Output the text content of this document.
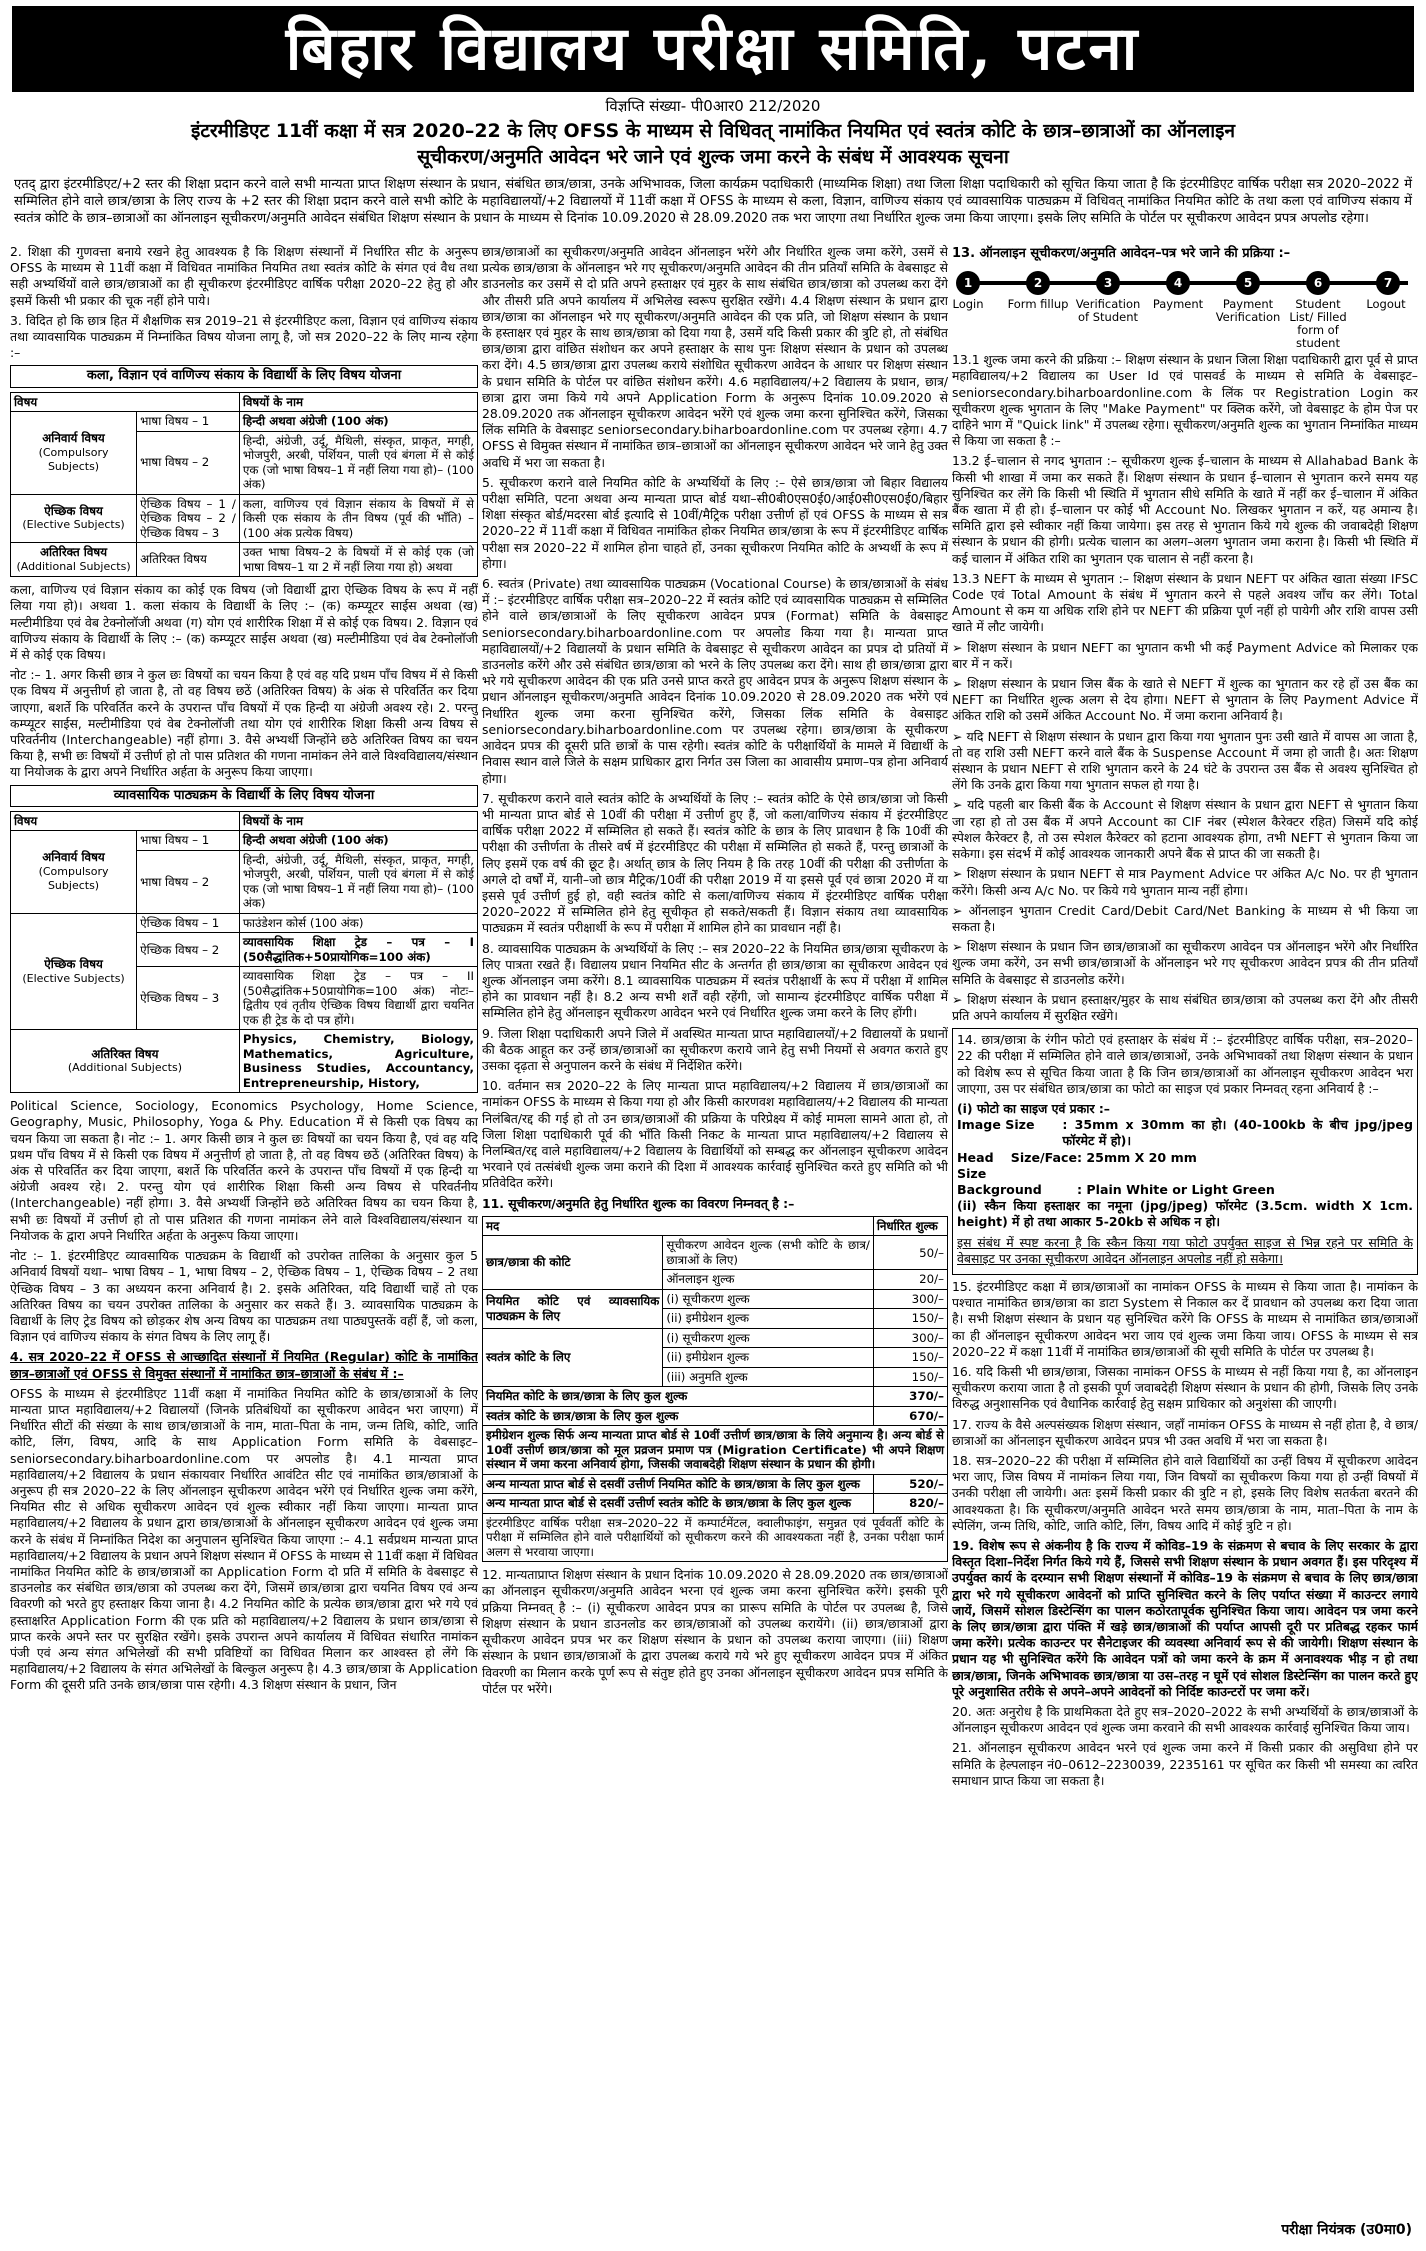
बिहार विद्यालय परीक्षा समिति, पटना
विज्ञप्ति संख्या- पी0आर0 212/2020
इंटरमीडिएट 11वीं कक्षा में सत्र 2020–22 के लिए OFSS के माध्यम से विधिवत् नामांकित नियमित एवं स्वतंत्र कोटि के छात्र–छात्राओं का ऑनलाइन
सूचीकरण/अनुमति आवेदन भरे जाने एवं शुल्क जमा करने के संबंध में आवश्यक सूचना
एतद् द्वारा इंटरमीडिएट/+2 स्तर की शिक्षा प्रदान करने वाले सभी मान्यता प्राप्त शिक्षण संस्थान के प्रधान, संबंधित छात्र/छात्रा, उनके अभिभावक, जिला कार्यक्रम पदाधिकारी (माध्यमिक शिक्षा) तथा जिला शिक्षा पदाधिकारी को सूचित किया जाता है कि इंटरमीडिएट वार्षिक परीक्षा सत्र 2020–2022 में सम्मिलित होने वाले छात्र/छात्रा के लिए राज्य के +2 स्तर की शिक्षा प्रदान करने वाले सभी कोटि के महाविद्यालयों/+2 विद्यालयों में 11वीं कक्षा में OFSS के माध्यम से कला, विज्ञान, वाणिज्य संकाय एवं व्यावसायिक पाठ्यक्रम में विधिवत् नामांकित नियमित कोटि के तथा कला एवं वाणिज्य संकाय में स्वतंत्र कोटि के छात्र–छात्राओं का ऑनलाइन सूचीकरण/अनुमति आवेदन संबंधित शिक्षण संस्थान के प्रधान के माध्यम से दिनांक 10.09.2020 से 28.09.2020 तक भरा जाएगा तथा निर्धारित शुल्क जमा किया जाएगा। इसके लिए समिति के पोर्टल पर सूचीकरण आवेदन प्रपत्र अपलोड रहेगा।
2. शिक्षा की गुणवत्ता बनाये रखने हेतु आवश्यक है कि शिक्षण संस्थानों में निर्धारित सीट के अनुरूप OFSS के माध्यम से 11वीं कक्षा में विधिवत नामांकित नियमित तथा स्वतंत्र कोटि के संगत एवं वैध तथा सही अभ्यर्थियों वाले छात्र/छात्राओं का ही सूचीकरण इंटरमीडिएट वार्षिक परीक्षा 2020–22 हेतु हो और इसमें किसी भी प्रकार की चूक नहीं होने पाये।
3. विदित हो कि छात्र हित में शैक्षणिक सत्र 2019–21 से इंटरमीडिएट कला, विज्ञान एवं वाणिज्य संकाय तथा व्यावसायिक पाठ्यक्रम में निम्नांकित विषय योजना लागू है, जो सत्र 2020–22 के लिए मान्य रहेगा :–
कला, विज्ञान एवं वाणिज्य संकाय के विद्यार्थी के लिए विषय योजना
विषय		विषयों के नाम

अनिवार्य विषय
(Compulsory Subjects)	भाषा विषय – 1	हिन्दी अथवा अंग्रेजी (100 अंक)
	भाषा विषय – 2	हिन्दी, अंग्रेजी, उर्दू, मैथिली, संस्कृत, प्राकृत, मगही, भोजपुरी, अरबी, पर्शियन, पाली एवं बंगला में से कोई एक (जो भाषा विषय–1 में नहीं लिया गया हो)– (100 अंक)

ऐच्छिक विषय
(Elective Subjects)	ऐच्छिक विषय – 1 / ऐच्छिक विषय – 2 / ऐच्छिक विषय – 3	कला, वाणिज्य एवं विज्ञान संकाय के विषयों में से किसी एक संकाय के तीन विषय (पूर्व की भाँति) – (100 अंक प्रत्येक विषय)

अतिरिक्त विषय
(Additional Subjects)	अतिरिक्त विषय	उक्त भाषा विषय–2 के विषयों में से कोई एक (जो भाषा विषय–1 या 2 में नहीं लिया गया हो) अथवा
कला, वाणिज्य एवं विज्ञान संकाय का कोई एक विषय (जो विद्यार्थी द्वारा ऐच्छिक विषय के रूप में नहीं लिया गया हो)। अथवा 1. कला संकाय के विद्यार्थी के लिए :– (क) कम्प्यूटर साईस अथवा (ख) मल्टीमीडिया एवं वेब टेक्नोलॉजी अथवा (ग) योग एवं शारीरिक शिक्षा में से कोई एक विषय। 2. विज्ञान एवं वाणिज्य संकाय के विद्यार्थी के लिए :– (क) कम्प्यूटर साईस अथवा (ख) मल्टीमीडिया एवं वेब टेक्नोलॉजी में से कोई एक विषय।
नोट :– 1. अगर किसी छात्र ने कुल छः विषयों का चयन किया है एवं वह यदि प्रथम पाँच विषय में से किसी एक विषय में अनुत्तीर्ण हो जाता है, तो वह विषय छठें (अतिरिक्त विषय) के अंक से परिवर्तित कर दिया जाएगा, बशर्ते कि परिवर्तित करने के उपरान्त पाँच विषयों में एक हिन्दी या अंग्रेजी अवश्य रहे। 2. परन्तु कम्प्यूटर साईस, मल्टीमीडिया एवं वेब टेक्नोलॉजी तथा योग एवं शारीरिक शिक्षा किसी अन्य विषय से परिवर्तनीय (Interchangeable) नहीं होगा। 3. वैसे अभ्यर्थी जिन्होंने छठे अतिरिक्त विषय का चयन किया है, सभी छः विषयों में उत्तीर्ण हो तो पास प्रतिशत की गणना नामांकन लेने वाले विश्वविद्यालय/संस्थान या नियोजक के द्वारा अपने निर्धारित अर्हता के अनुरूप किया जाएगा।
व्यावसायिक पाठ्यक्रम के विद्यार्थी के लिए विषय योजना
विषय		विषयों के नाम

अनिवार्य विषय
(Compulsory Subjects)	भाषा विषय – 1	हिन्दी अथवा अंग्रेजी (100 अंक)
	भाषा विषय – 2	हिन्दी, अंग्रेजी, उर्दू, मैथिली, संस्कृत, प्राकृत, मगही, भोजपुरी, अरबी, पर्शियन, पाली एवं बंगला में से कोई एक (जो भाषा विषय–1 में नहीं लिया गया हो)– (100 अंक)

ऐच्छिक विषय
(Elective Subjects)	ऐच्छिक विषय – 1	फाउंडेशन कोर्स (100 अंक)
	ऐच्छिक विषय – 2	व्यावसायिक शिक्षा ट्रेड – पत्र – I (50सैद्धांतिक+50प्रायोगिक=100 अंक)
	ऐच्छिक विषय – 3	व्यावसायिक शिक्षा ट्रेड – पत्र – II (50सैद्धांतिक+50प्रायोगिक=100 अंक) नोटः– द्वितीय एवं तृतीय ऐच्छिक विषय विद्यार्थी द्वारा चयनित एक ही ट्रेड के दो पत्र होंगे।

अतिरिक्त विषय
(Additional Subjects)		Physics, Chemistry, Biology, Mathematics, Agriculture, Business Studies, Accountancy, Entrepreneurship, History,
Political Science, Sociology, Economics Psychology, Home Science, Geography, Music, Philosophy, Yoga & Phy. Education में से किसी एक विषय का चयन किया जा सकता है। नोट :– 1. अगर किसी छात्र ने कुल छः विषयों का चयन किया है, एवं वह यदि प्रथम पाँच विषय में से किसी एक विषय में अनुत्तीर्ण हो जाता है, तो वह विषय छठें (अतिरिक्त विषय) के अंक से परिवर्तित कर दिया जाएगा, बशर्ते कि परिवर्तित करने के उपरान्त पाँच विषयों में एक हिन्दी या अंग्रेजी अवश्य रहे। 2. परन्तु योग एवं शारीरिक शिक्षा किसी अन्य विषय से परिवर्तनीय (Interchangeable) नहीं होगा। 3. वैसे अभ्यर्थी जिन्होंने छठे अतिरिक्त विषय का चयन किया है, सभी छः विषयों में उत्तीर्ण हो तो पास प्रतिशत की गणना नामांकन लेने वाले विश्वविद्यालय/संस्थान या नियोजक के द्वारा अपने निर्धारित अर्हता के अनुरूप किया जाएगा।
नोट :– 1. इंटरमीडिएट व्यावसायिक पाठ्यक्रम के विद्यार्थी को उपरोक्त तालिका के अनुसार कुल 5 अनिवार्य विषयों यथा– भाषा विषय – 1, भाषा विषय – 2, ऐच्छिक विषय – 1, ऐच्छिक विषय – 2 तथा ऐच्छिक विषय – 3 का अध्ययन करना अनिवार्य है। 2. इसके अतिरिक्त, यदि विद्यार्थी चाहें तो एक अतिरिक्त विषय का चयन उपरोक्त तालिका के अनुसार कर सकते हैं। 3. व्यावसायिक पाठ्यक्रम के विद्यार्थी के लिए ट्रेड विषय को छोड़कर शेष अन्य विषय का पाठ्यक्रम तथा पाठ्यपुस्तकें वहीं हैं, जो कला, विज्ञान एवं वाणिज्य संकाय के संगत विषय के लिए लागू हैं।
4. सत्र 2020–22 में OFSS से आच्छादित संस्थानों में नियमित (Regular) कोटि के नामांकित छात्र–छात्राओं एवं OFSS से विमुक्त संस्थानों में नामांकित छात्र–छात्राओं के संबंध में :–
OFSS के माध्यम से इंटरमीडिएट 11वीं कक्षा में नामांकित नियमित कोटि के छात्र/छात्राओं के लिए मान्यता प्राप्त महाविद्यालय/+2 विद्यालयों (जिनके प्रतिबंधियों का सूचीकरण आवेदन भरा जाएगा) में निर्धारित सीटों की संख्या के साथ छात्र/छात्राओं के नाम, माता–पिता के नाम, जन्म तिथि, कोटि, जाति कोटि, लिंग, विषय, आदि के साथ Application Form समिति के वेबसाइट– seniorsecondary.biharboardonline.com पर अपलोड है। 4.1 मान्यता प्राप्त महाविद्यालय/+2 विद्यालय के प्रधान संकायवार निर्धारित आवंटित सीट एवं नामांकित छात्र/छात्राओं के अनुरूप ही सत्र 2020–22 के लिए ऑनलाइन सूचीकरण आवेदन भरेंगे एवं निर्धारित शुल्क जमा करेंगे, नियमित सीट से अधिक सूचीकरण आवेदन एवं शुल्क स्वीकार नहीं किया जाएगा। मान्यता प्राप्त महाविद्यालय/+2 विद्यालय के प्रधान द्वारा छात्र/छात्राओं के ऑनलाइन सूचीकरण आवेदन एवं शुल्क जमा करने के संबंध में निम्नांकित निदेश का अनुपालन सुनिश्चित किया जाएगा :– 4.1 सर्वप्रथम मान्यता प्राप्त महाविद्यालय/+2 विद्यालय के प्रधान अपने शिक्षण संस्थान में OFSS के माध्यम से 11वीं कक्षा में विधिवत नामांकित नियमित कोटि के छात्र/छात्राओं का Application Form दो प्रति में समिति के वेबसाइट से डाउनलोड कर संबंधित छात्र/छात्रा को उपलब्ध करा देंगे, जिसमें छात्र/छात्रा द्वारा चयनित विषय एवं अन्य विवरणी को भरते हुए हस्ताक्षर किया जाना है। 4.2 नियमित कोटि के प्रत्येक छात्र/छात्रा द्वारा भरे गये एवं हस्ताक्षरित Application Form की एक प्रति को महाविद्यालय/+2 विद्यालय के प्रधान छात्र/छात्रा से प्राप्त करके अपने स्तर पर सुरक्षित रखेंगे। इसके उपरान्त अपने कार्यालय में विधिवत संधारित नामांकन पंजी एवं अन्य संगत अभिलेखों की सभी प्रविष्टियों का विधिवत मिलान कर आश्वस्त हो लेंगे कि महाविद्यालय/+2 विद्यालय के संगत अभिलेखों के बिल्कुल अनुरूप है। 4.3 छात्र/छात्रा के Application Form की दूसरी प्रति उनके छात्र/छात्रा पास रहेगी। 4.3 शिक्षण संस्थान के प्रधान, जिन
छात्र/छात्राओं का सूचीकरण/अनुमति आवेदन ऑनलाइन भरेंगे और निर्धारित शुल्क जमा करेंगे, उसमें से प्रत्येक छात्र/छात्रा के ऑनलाइन भरे गए सूचीकरण/अनुमति आवेदन की तीन प्रतियाँ समिति के वेबसाइट से डाउनलोड कर उसमें से दो प्रति अपने हस्ताक्षर एवं मुहर के साथ संबंधित छात्र/छात्रा को उपलब्ध करा देंगे और तीसरी प्रति अपने कार्यालय में अभिलेख स्वरूप सुरक्षित रखेंगे। 4.4 शिक्षण संस्थान के प्रधान द्वारा छात्र/छात्रा का ऑनलाइन भरे गए सूचीकरण/अनुमति आवेदन की एक प्रति, जो शिक्षण संस्थान के प्रधान के हस्ताक्षर एवं मुहर के साथ छात्र/छात्रा को दिया गया है, उसमें यदि किसी प्रकार की त्रुटि हो, तो संबंधित छात्र/छात्रा द्वारा वांछित संशोधन कर अपने हस्ताक्षर के साथ पुनः शिक्षण संस्थान के प्रधान को उपलब्ध करा देंगे। 4.5 छात्र/छात्रा द्वारा उपलब्ध कराये संशोधित सूचीकरण आवेदन के आधार पर शिक्षण संस्थान के प्रधान समिति के पोर्टल पर वांछित संशोधन करेंगे। 4.6 महाविद्यालय/+2 विद्यालय के प्रधान, छात्र/छात्रा द्वारा जमा किये गये अपने Application Form के अनुरूप दिनांक 10.09.2020 से 28.09.2020 तक ऑनलाइन सूचीकरण आवेदन भरेंगे एवं शुल्क जमा करना सुनिश्चित करेंगे, जिसका लिंक समिति के वेबसाइट seniorsecondary.biharboardonline.com पर उपलब्ध रहेगा। 4.7 OFSS से विमुक्त संस्थान में नामांकित छात्र–छात्राओं का ऑनलाइन सूचीकरण आवेदन भरे जाने हेतु उक्त अवधि में भरा जा सकता है।
5. सूचीकरण कराने वाले नियमित कोटि के अभ्यर्थियों के लिए :– ऐसे छात्र/छात्रा जो बिहार विद्यालय परीक्षा समिति, पटना अथवा अन्य मान्यता प्राप्त बोर्ड यथा–सी0बी0एस0ई0/आई0सी0एस0ई0/बिहार शिक्षा संस्कृत बोर्ड/मदरसा बोर्ड इत्यादि से 10वीं/मैट्रिक परीक्षा उत्तीर्ण हों एवं OFSS के माध्यम से सत्र 2020–22 में 11वीं कक्षा में विधिवत नामांकित होकर नियमित छात्र/छात्रा के रूप में इंटरमीडिएट वार्षिक परीक्षा सत्र 2020–22 में शामिल होना चाहते हों, उनका सूचीकरण नियमित कोटि के अभ्यर्थी के रूप में होगा।
6. स्वतंत्र (Private) तथा व्यावसायिक पाठ्यक्रम (Vocational Course) के छात्र/छात्राओं के संबंध में :– इंटरमीडिएट वार्षिक परीक्षा सत्र–2020–22 में स्वतंत्र कोटि एवं व्यावसायिक पाठ्यक्रम से सम्मिलित होने वाले छात्र/छात्राओं के लिए सूचीकरण आवेदन प्रपत्र (Format) समिति के वेबसाइट seniorsecondary.biharboardonline.com पर अपलोड किया गया है। मान्यता प्राप्त महाविद्यालयों/+2 विद्यालयों के प्रधान समिति के वेबसाइट से सूचीकरण आवेदन का प्रपत्र दो प्रतियों में डाउनलोड करेंगे और उसे संबंधित छात्र/छात्रा को भरने के लिए उपलब्ध करा देंगे। साथ ही छात्र/छात्रा द्वारा भरे गये सूचीकरण आवेदन की एक प्रति उनसे प्राप्त करते हुए आवेदन प्रपत्र के अनुरूप शिक्षण संस्थान के प्रधान ऑनलाइन सूचीकरण/अनुमति आवेदन दिनांक 10.09.2020 से 28.09.2020 तक भरेंगे एवं निर्धारित शुल्क जमा करना सुनिश्चित करेंगे, जिसका लिंक समिति के वेबसाइट seniorsecondary.biharboardonline.com पर उपलब्ध रहेगा। छात्र/छात्रा के सूचीकरण आवेदन प्रपत्र की दूसरी प्रति छात्रों के पास रहेगी। स्वतंत्र कोटि के परीक्षार्थियों के मामले में विद्यार्थी के निवास स्थान वाले जिले के सक्षम प्राधिकार द्वारा निर्गत उस जिला का आवासीय प्रमाण–पत्र होना अनिवार्य होगा।
7. सूचीकरण कराने वाले स्वतंत्र कोटि के अभ्यर्थियों के लिए :– स्वतंत्र कोटि के ऐसे छात्र/छात्रा जो किसी भी मान्यता प्राप्त बोर्ड से 10वीं की परीक्षा में उत्तीर्ण हुए हैं, जो कला/वाणिज्य संकाय में इंटरमीडिएट वार्षिक परीक्षा 2022 में सम्मिलित हो सकते हैं। स्वतंत्र कोटि के छात्र के लिए प्रावधान है कि 10वीं की परीक्षा की उत्तीर्णता के तीसरे वर्ष में इंटरमीडिएट की परीक्षा में सम्मिलित हो सकते हैं, परन्तु छात्राओं के लिए इसमें एक वर्ष की छूट है। अर्थात् छात्र के लिए नियम है कि तरह 10वीं की परीक्षा की उत्तीर्णता के अगले दो वर्षों में, यानी–जो छात्र मैट्रिक/10वीं की परीक्षा 2019 में या इससे पूर्व एवं छात्रा 2020 में या इससे पूर्व उत्तीर्ण हुई हो, वही स्वतंत्र कोटि से कला/वाणिज्य संकाय में इंटरमीडिएट वार्षिक परीक्षा 2020–2022 में सम्मिलित होने हेतु सूचीकृत हो सकते/सकती हैं। विज्ञान संकाय तथा व्यावसायिक पाठ्यक्रम में स्वतंत्र परीक्षार्थी के रूप में परीक्षा में शामिल होने का प्रावधान नहीं है।
8. व्यावसायिक पाठ्यक्रम के अभ्यर्थियों के लिए :– सत्र 2020–22 के नियमित छात्र/छात्रा सूचीकरण के लिए पात्रता रखते हैं। विद्यालय प्रधान नियमित सीट के अन्तर्गत ही छात्र/छात्रा का सूचीकरण आवेदन एवं शुल्क ऑनलाइन जमा करेंगे। 8.1 व्यावसायिक पाठ्यक्रम में स्वतंत्र परीक्षार्थी के रूप में परीक्षा में शामिल होने का प्रावधान नहीं है। 8.2 अन्य सभी शर्तें वही रहेंगी, जो सामान्य इंटरमीडिएट वार्षिक परीक्षा में सम्मिलित होने हेतु ऑनलाइन सूचीकरण आवेदन भरने एवं निर्धारित शुल्क जमा करने के लिए होंगी।
9. जिला शिक्षा पदाधिकारी अपने जिले में अवस्थित मान्यता प्राप्त महाविद्यालयों/+2 विद्यालयों के प्रधानों की बैठक आहूत कर उन्हें छात्र/छात्राओं का सूचीकरण कराये जाने हेतु सभी नियमों से अवगत कराते हुए उसका दृढ़ता से अनुपालन करने के संबंध में निर्देशित करेंगे।
10. वर्तमान सत्र 2020–22 के लिए मान्यता प्राप्त महाविद्यालय/+2 विद्यालय में छात्र/छात्राओं का नामांकन OFSS के माध्यम से किया गया हो और किसी कारणवश महाविद्यालय/+2 विद्यालय की मान्यता निलंबित/रद्द की गई हो तो उन छात्र/छात्राओं की प्रक्रिया के परिप्रेक्ष्य में कोई मामला सामने आता हो, तो जिला शिक्षा पदाधिकारी पूर्व की भाँति किसी निकट के मान्यता प्राप्त महाविद्यालय/+2 विद्यालय से निलम्बित/रद्द वाले महाविद्यालय/+2 विद्यालय के विद्यार्थियों को सम्बद्ध कर ऑनलाइन सूचीकरण आवेदन भरवाने एवं तत्संबंधी शुल्क जमा कराने की दिशा में आवश्यक कार्रवाई सुनिश्चित करते हुए समिति को भी प्रतिवेदित करेंगे।
11. सूचीकरण/अनुमति हेतु निर्धारित शुल्क का विवरण निम्नवत् है :–
मद		निर्धारित शुल्क
छात्र/छात्रा की कोटि	सूचीकरण आवेदन शुल्क (सभी कोटि के छात्र/छात्राओं के लिए)	50/–
	ऑनलाइन शुल्क	20/–
नियमित कोटि एवं व्यावसायिक पाठ्यक्रम के लिए	(i) सूचीकरण शुल्क	300/–
	(ii) इमीग्रेशन शुल्क	150/–
स्वतंत्र कोटि के लिए	(i) सूचीकरण शुल्क	300/–
	(ii) इमीग्रेशन शुल्क	150/–
	(iii) अनुमति शुल्क	150/–
नियमित कोटि के छात्र/छात्रा के लिए कुल शुल्क		370/–
स्वतंत्र कोटि के छात्र/छात्रा के लिए कुल शुल्क		670/–
इमीग्रेशन शुल्क सिर्फ अन्य मान्यता प्राप्त बोर्ड से 10वीं उत्तीर्ण छात्र/छात्रा के लिये अनुमान्य है। अन्य बोर्ड से 10वीं उत्तीर्ण छात्र/छात्रा को मूल प्रव्रजन प्रमाण पत्र (Migration Certificate) भी अपने शिक्षण संस्थान में जमा करना अनिवार्य होगा, जिसकी जवाबदेही शिक्षण संस्थान के प्रधान की होगी।		
अन्य मान्यता प्राप्त बोर्ड से दसवीं उत्तीर्ण नियमित कोटि के छात्र/छात्रा के लिए कुल शुल्क		520/–
अन्य मान्यता प्राप्त बोर्ड से दसवीं उत्तीर्ण स्वतंत्र कोटि के छात्र/छात्रा के लिए कुल शुल्क		820/–
इंटरमीडिएट वार्षिक परीक्षा सत्र–2020–22 में कम्पार्टमेंटल, क्वालीफाइंग, समुन्नत एवं पूर्ववर्ती कोटि के परीक्षा में सम्मिलित होने वाले परीक्षार्थियों को सूचीकरण करने की आवश्यकता नहीं है, उनका परीक्षा फार्म अलग से भरवाया जाएगा।		
12. मान्यताप्राप्त शिक्षण संस्थान के प्रधान दिनांक 10.09.2020 से 28.09.2020 तक छात्र/छात्राओं का ऑनलाइन सूचीकरण/अनुमति आवेदन भरना एवं शुल्क जमा करना सुनिश्चित करेंगे। इसकी पूरी प्रक्रिया निम्नवत् है :– (i) सूचीकरण आवेदन प्रपत्र का प्रारूप समिति के पोर्टल पर उपलब्ध है, जिसे शिक्षण संस्थान के प्रधान डाउनलोड कर छात्र/छात्राओं को उपलब्ध करायेंगे। (ii) छात्र/छात्राओं द्वारा सूचीकरण आवेदन प्रपत्र भर कर शिक्षण संस्थान के प्रधान को उपलब्ध कराया जाएगा। (iii) शिक्षण संस्थान के प्रधान छात्र/छात्राओं के द्वारा उपलब्ध कराये गये भरे हुए सूचीकरण आवेदन प्रपत्र में अंकित विवरणी का मिलान करके पूर्ण रूप से संतुष्ट होते हुए उनका ऑनलाइन सूचीकरण आवेदन प्रपत्र समिति के पोर्टल पर भरेंगे।
13. ऑनलाइन सूचीकरण/अनुमति आवेदन–पत्र भरे जाने की प्रक्रिया :–
1	2	3	4	5	6	7
Login	Form fillup Verification of Student
Payment	Payment Verification
Student List/ Filled form of student
Logout
13.1 शुल्क जमा करने की प्रक्रिया :– शिक्षण संस्थान के प्रधान जिला शिक्षा पदाधिकारी द्वारा पूर्व से प्राप्त महाविद्यालय/+2 विद्यालय का User Id एवं पासवर्ड के माध्यम से समिति के वेबसाइट– seniorsecondary.biharboardonline.com के लिंक पर Registration Login कर सूचीकरण शुल्क भुगतान के लिए "Make Payment" पर क्लिक करेंगे, जो वेबसाइट के होम पेज पर दाहिने भाग में "Quick link" में उपलब्ध रहेगा। सूचीकरण/अनुमति शुल्क का भुगतान निम्नांकित माध्यम से किया जा सकता है :–
13.2 ई–चालान से नगद भुगतान :– सूचीकरण शुल्क ई–चालान के माध्यम से Allahabad Bank के किसी भी शाखा में जमा कर सकते हैं। शिक्षण संस्थान के प्रधान ई–चालान से भुगतान करने समय यह सुनिश्चित कर लेंगे कि किसी भी स्थिति में भुगतान सीधे समिति के खाते में नहीं कर ई–चालान में अंकित बैंक खाता में ही हो। ई–चालान पर कोई भी Account No. लिखकर भुगतान न करें, यह अमान्य है। समिति द्वारा इसे स्वीकार नहीं किया जायेगा। इस तरह से भुगतान किये गये शुल्क की जवाबदेही शिक्षण संस्थान के प्रधान की होगी। प्रत्येक चालान का अलग–अलग भुगतान जमा कराना है। किसी भी स्थिति में कई चालान में अंकित राशि का भुगतान एक चालान से नहीं करना है।
13.3 NEFT के माध्यम से भुगतान :– शिक्षण संस्थान के प्रधान NEFT पर अंकित खाता संख्या IFSC Code एवं Total Amount के संबंध में भुगतान करने से पहले अवश्य जाँच कर लेंगे। Total Amount से कम या अधिक राशि होने पर NEFT की प्रक्रिया पूर्ण नहीं हो पायेगी और राशि वापस उसी खाते में लौट जायेगी।
➢ शिक्षण संस्थान के प्रधान NEFT का भुगतान कभी भी कई Payment Advice को मिलाकर एक बार में न करें।
➢ शिक्षण संस्थान के प्रधान जिस बैंक के खाते से NEFT में शुल्क का भुगतान कर रहे हों उस बैंक का NEFT का निर्धारित शुल्क अलग से देय होगा। NEFT से भुगतान के लिए Payment Advice में अंकित राशि को उसमें अंकित Account No. में जमा कराना अनिवार्य है।
➢ यदि NEFT से शिक्षण संस्थान के प्रधान द्वारा किया गया भुगतान पुनः उसी खाते में वापस आ जाता है, तो वह राशि उसी NEFT करने वाले बैंक के Suspense Account में जमा हो जाती है। अतः शिक्षण संस्थान के प्रधान NEFT से राशि भुगतान करने के 24 घंटे के उपरान्त उस बैंक से अवश्य सुनिश्चित हो लेंगे कि उनके द्वारा किया गया भुगतान सफल हो गया है।
➢ यदि पहली बार किसी बैंक के Account से शिक्षण संस्थान के प्रधान द्वारा NEFT से भुगतान किया जा रहा हो तो उस बैंक में अपने Account का CIF नंबर (स्पेशल कैरेक्टर रहित) जिसमें यदि कोई स्पेशल कैरेक्टर है, तो उस स्पेशल कैरेक्टर को हटाना आवश्यक होगा, तभी NEFT से भुगतान किया जा सकेगा। इस संदर्भ में कोई आवश्यक जानकारी अपने बैंक से प्राप्त की जा सकती है।
➢ शिक्षण संस्थान के प्रधान NEFT से मात्र Payment Advice पर अंकित A/c No. पर ही भुगतान करेंगे। किसी अन्य A/c No. पर किये गये भुगतान मान्य नहीं होगा।
➢ ऑनलाइन भुगतान Credit Card/Debit Card/Net Banking के माध्यम से भी किया जा सकता है।
➢ शिक्षण संस्थान के प्रधान जिन छात्र/छात्राओं का सूचीकरण आवेदन पत्र ऑनलाइन भरेंगे और निर्धारित शुल्क जमा करेंगे, उन सभी छात्र/छात्राओं के ऑनलाइन भरे गए सूचीकरण आवेदन प्रपत्र की तीन प्रतियाँ समिति के वेबसाइट से डाउनलोड करेंगे।
➢ शिक्षण संस्थान के प्रधान हस्ताक्षर/मुहर के साथ संबंधित छात्र/छात्रा को उपलब्ध करा देंगे और तीसरी प्रति अपने कार्यालय में सुरक्षित रखेंगे।
14. छात्र/छात्रा के रंगीन फोटो एवं हस्ताक्षर के संबंध में :– इंटरमीडिएट वार्षिक परीक्षा, सत्र–2020–22 की परीक्षा में सम्मिलित होने वाले छात्र/छात्राओं, उनके अभिभावकों तथा शिक्षण संस्थान के प्रधान को विशेष रूप से सूचित किया जाता है कि जिन छात्र/छात्राओं का ऑनलाइन सूचीकरण आवेदन भरा जाएगा, उस पर संबंधित छात्र/छात्रा का फोटो का साइज एवं प्रकार निम्नवत् रहना अनिवार्य है :–
(i) फोटो का साइज एवं प्रकार :–
Image Size	: 35mm x 30mm का हो। (40-100kb के बीच jpg/jpeg फॉरमेट में हो)।
Head Size/Face Size
: 25mm X 20 mm
Background	: Plain White or Light Green
(ii) स्कैन किया हस्ताक्षर का नमूना (jpg/jpeg) फॉरमेट (3.5cm. width X 1cm. height) में हो तथा आकार 5-20kb से अधिक न हो।
इस संबंध में स्पष्ट करना है कि स्कैन किया गया फोटो उपर्युक्त साइज से भिन्न रहने पर समिति के वेबसाइट पर उनका सूचीकरण आवेदन ऑनलाइन अपलोड नहीं हो सकेगा।
15. इंटरमीडिएट कक्षा में छात्र/छात्राओं का नामांकन OFSS के माध्यम से किया जाता है। नामांकन के पश्चात नामांकित छात्र/छात्रा का डाटा System से निकाल कर दें प्रावधान को उपलब्ध करा दिया जाता है। सभी शिक्षण संस्थान के प्रधान यह सुनिश्चित करेंगे कि OFSS के माध्यम से नामांकित छात्र/छात्राओं का ही ऑनलाइन सूचीकरण आवेदन भरा जाय एवं शुल्क जमा किया जाय। OFSS के माध्यम से सत्र 2020–22 में कक्षा 11वीं में नामांकित छात्र/छात्राओं की सूची समिति के पोर्टल पर उपलब्ध है।
16. यदि किसी भी छात्र/छात्रा, जिसका नामांकन OFSS के माध्यम से नहीं किया गया है, का ऑनलाइन सूचीकरण कराया जाता है तो इसकी पूर्ण जवाबदेही शिक्षण संस्थान के प्रधान की होगी, जिसके लिए उनके विरुद्ध अनुशासनिक एवं वैधानिक कार्रवाई हेतु सक्षम प्राधिकार को अनुशंसा की जाएगी।
17. राज्य के वैसे अल्पसंख्यक शिक्षण संस्थान, जहाँ नामांकन OFSS के माध्यम से नहीं होता है, वे छात्र/छात्राओं का ऑनलाइन सूचीकरण आवेदन प्रपत्र भी उक्त अवधि में भरा जा सकता है।
18. सत्र–2020–22 की परीक्षा में सम्मिलित होने वाले विद्यार्थियों का उन्हीं विषय में सूचीकरण आवेदन भरा जाए, जिस विषय में नामांकन लिया गया, जिन विषयों का सूचीकरण किया गया हो उन्हीं विषयों में उनकी परीक्षा ली जायेगी। अतः इसमें किसी प्रकार की त्रुटि न हो, इसके लिए विशेष सतर्कता बरतने की आवश्यकता है। कि सूचीकरण/अनुमति आवेदन भरते समय छात्र/छात्रा के नाम, माता–पिता के नाम के स्पेलिंग, जन्म तिथि, कोटि, जाति कोटि, लिंग, विषय आदि में कोई त्रुटि न हो।
19. विशेष रूप से अंकनीय है कि राज्य में कोविड–19 के संक्रमण से बचाव के लिए सरकार के द्वारा विस्तृत दिशा–निर्देश निर्गत किये गये हैं, जिससे सभी शिक्षण संस्थान के प्रधान अवगत हैं। इस परिदृश्य में उपर्युक्त कार्य के दरम्यान सभी शिक्षण संस्थानों में कोविड–19 के संक्रमण से बचाव के लिए छात्र/छात्रा द्वारा भरे गये सूचीकरण आवेदनों को प्राप्ति सुनिश्चित करने के लिए पर्याप्त संख्या में काउन्टर लगाये जायें, जिसमें सोशल डिस्टेन्सिंग का पालन कठोरतापूर्वक सुनिश्चित किया जाय। आवेदन पत्र जमा करने के लिए छात्र/छात्रा द्वारा पंक्ति में खड़े छात्र/छात्राओं की पर्याप्त आपसी दूरी पर प्रतिबद्ध रहकर फार्म जमा करेंगे। प्रत्येक काउन्टर पर सैनेटाइजर की व्यवस्था अनिवार्य रूप से की जायेगी। शिक्षण संस्थान के प्रधान यह भी सुनिश्चित करेंगे कि आवेदन पत्रों को जमा करने के क्रम में अनावश्यक भीड़ न हो तथा छात्र/छात्रा, जिनके अभिभावक छात्र/छात्रा या उस–तरह न घूमें एवं सोशल डिस्टेन्सिंग का पालन करते हुए पूरे अनुशासित तरीके से अपने–अपने आवेदनों को निर्दिष्ट काउन्टरों पर जमा करें।
20. अतः अनुरोध है कि प्राथमिकता देते हुए सत्र–2020–2022 के सभी अभ्यर्थियों के छात्र/छात्राओं के ऑनलाइन सूचीकरण आवेदन एवं शुल्क जमा करवाने की सभी आवश्यक कार्रवाई सुनिश्चित किया जाय।
21. ऑनलाइन सूचीकरण आवेदन भरने एवं शुल्क जमा करने में किसी प्रकार की असुविधा होने पर समिति के हेल्पलाइन नं0–0612–2230039, 2235161 पर सूचित कर किसी भी समस्या का त्वरित समाधान प्राप्त किया जा सकता है।
परीक्षा नियंत्रक (उ0मा0)
